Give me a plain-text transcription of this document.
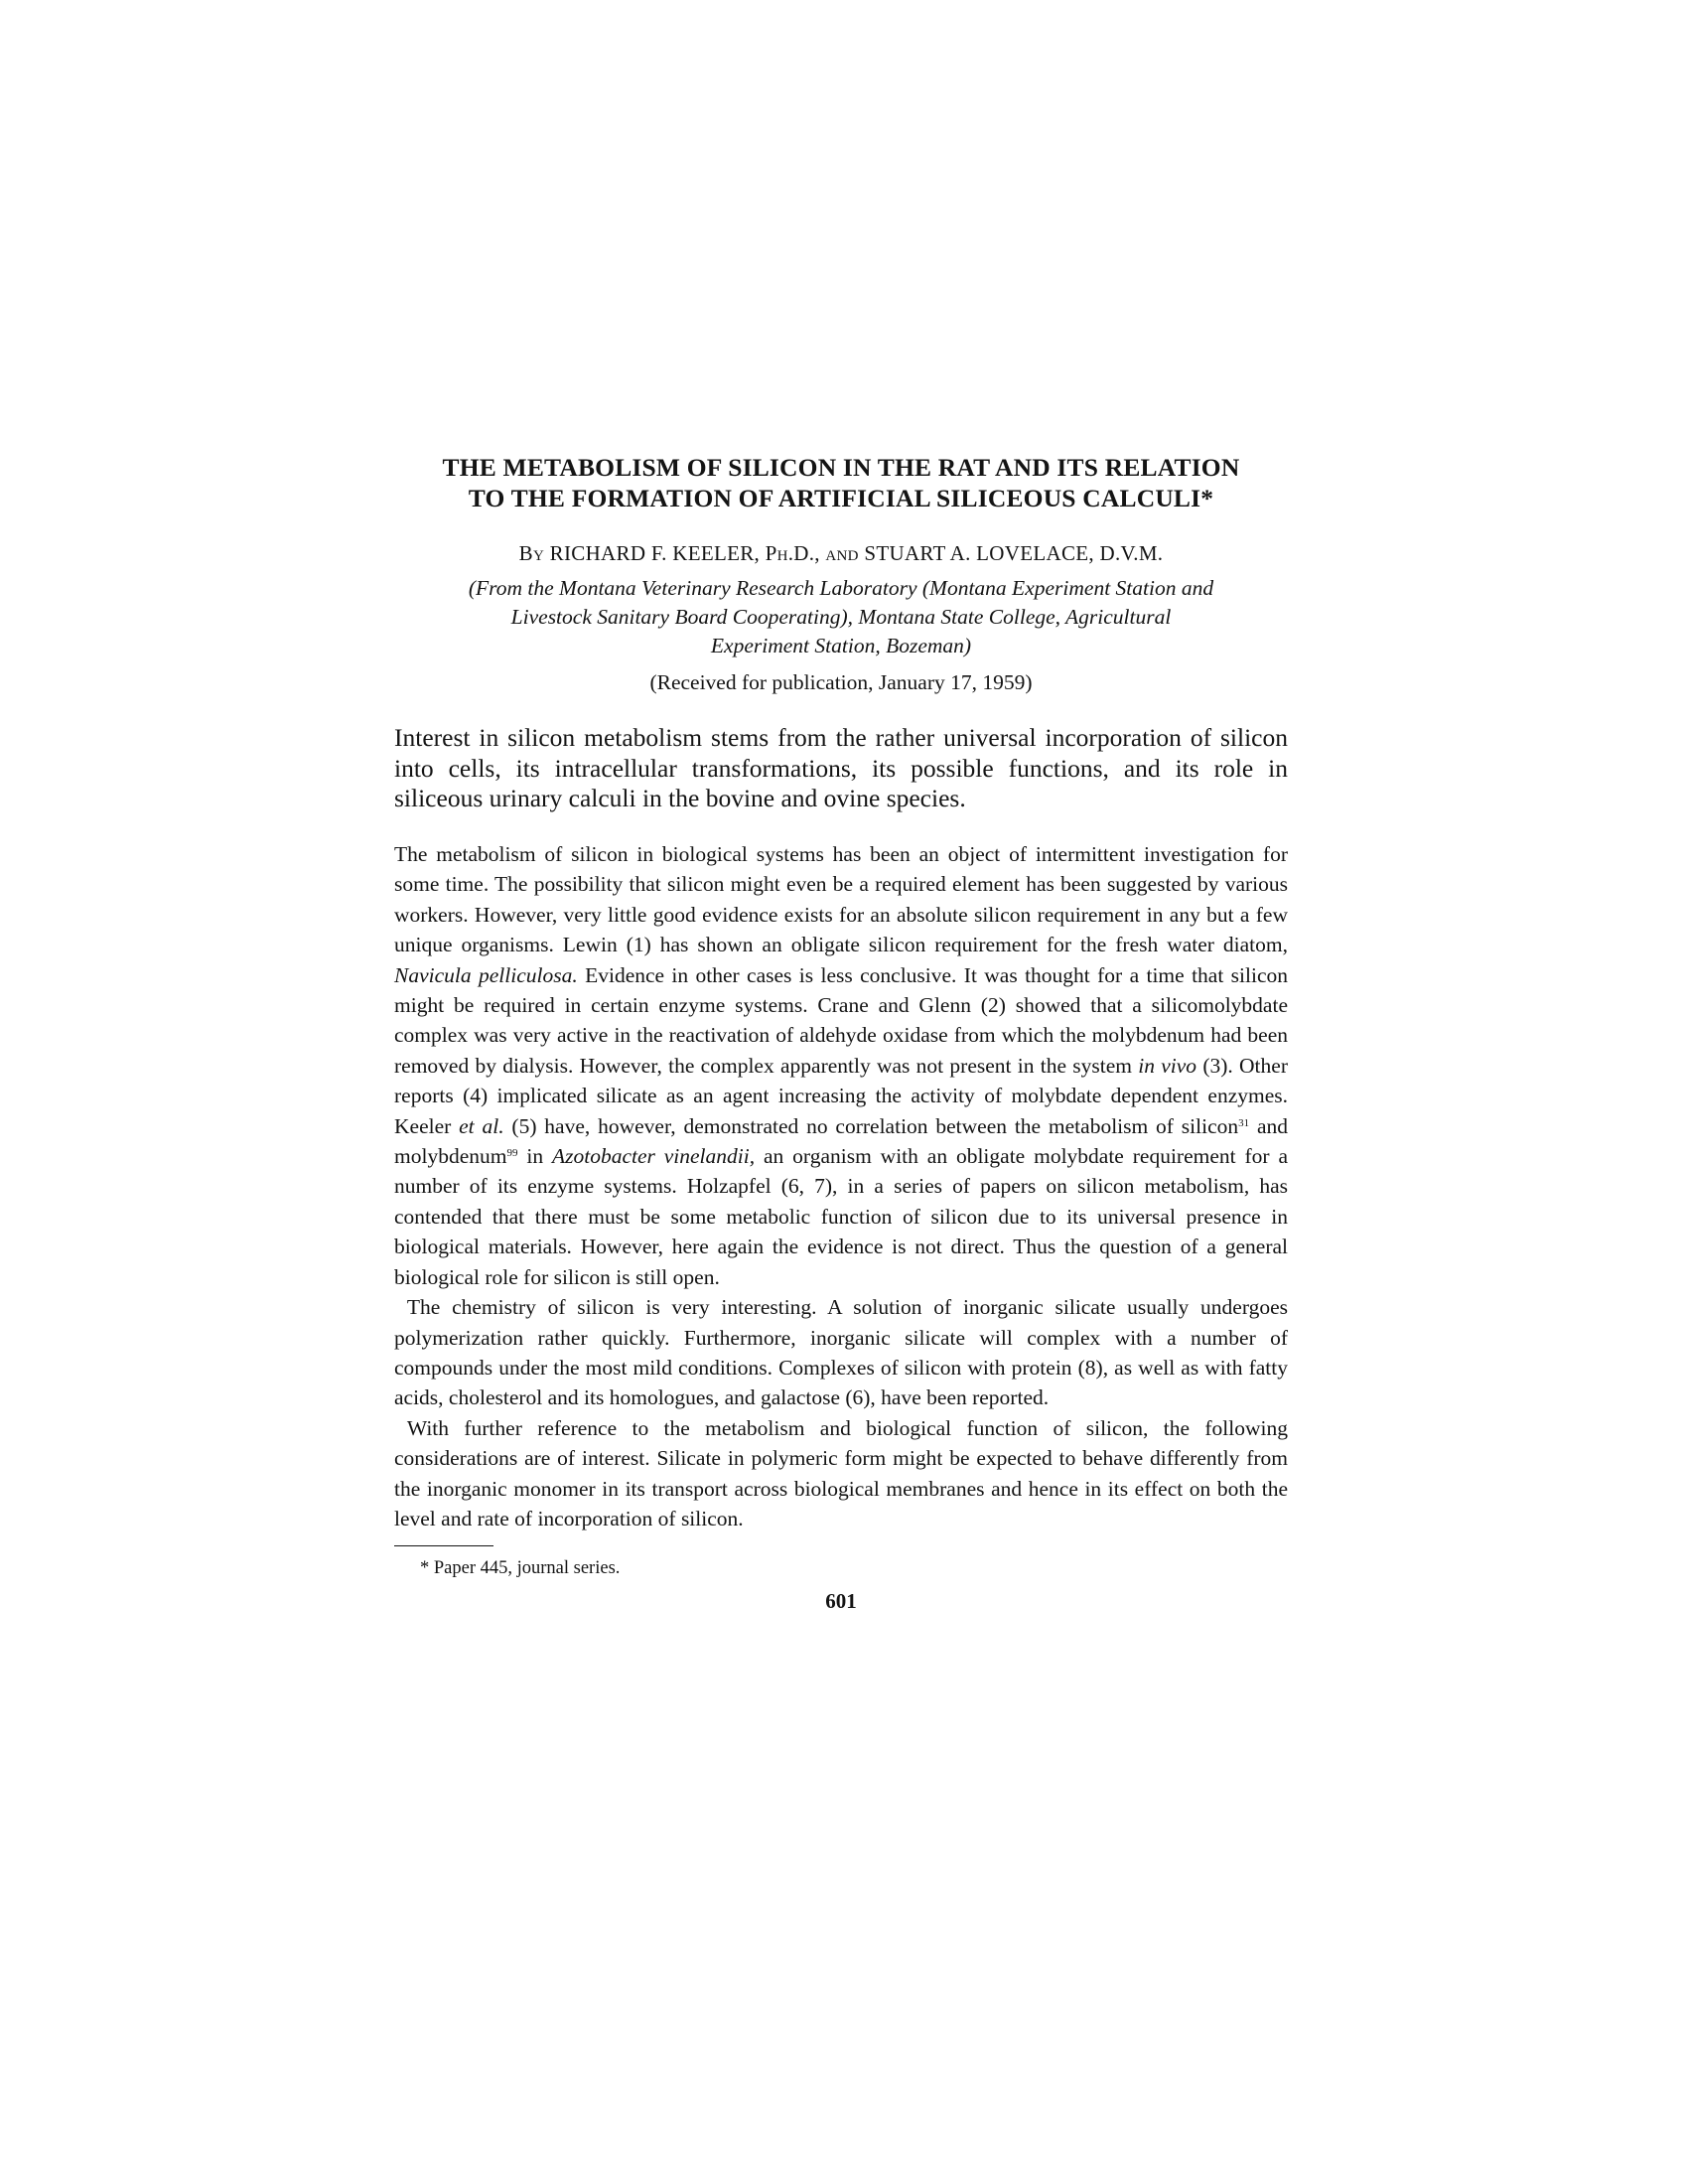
THE METABOLISM OF SILICON IN THE RAT AND ITS RELATION
TO THE FORMATION OF ARTIFICIAL SILICEOUS CALCULI*
By RICHARD F. KEELER, Ph.D., and STUART A. LOVELACE, D.V.M.
(From the Montana Veterinary Research Laboratory (Montana Experiment Station and
Livestock Sanitary Board Cooperating), Montana State College, Agricultural
Experiment Station, Bozeman)
(Received for publication, January 17, 1959)

Interest in silicon metabolism stems from the rather universal incorporation of silicon into cells, its intracellular transformations, its possible functions, and its role in siliceous urinary calculi in the bovine and ovine species.

The metabolism of silicon in biological systems has been an object of intermittent investigation for some time. The possibility that silicon might even be a required element has been suggested by various workers. However, very little good evidence exists for an absolute silicon requirement in any but a few unique organisms. Lewin (1) has shown an obligate silicon requirement for the fresh water diatom, Navicula pelliculosa. Evidence in other cases is less conclusive. It was thought for a time that silicon might be required in certain enzyme systems. Crane and Glenn (2) showed that a silicomolybdate complex was very active in the reactivation of aldehyde oxidase from which the molybdenum had been removed by dialysis. However, the complex apparently was not present in the system in vivo (3). Other reports (4) implicated silicate as an agent increasing the activity of molybdate dependent enzymes. Keeler et al. (5) have, however, demonstrated no correlation between the metabolism of silicon$^{31}$ and molybdenum$^{99}$ in Azotobacter vinelandii, an organism with an obligate molybdate requirement for a number of its enzyme systems. Holzapfel (6, 7), in a series of papers on silicon metabolism, has contended that there must be some metabolic function of silicon due to its universal presence in biological materials. However, here again the evidence is not direct. Thus the question of a general biological role for silicon is still open.

The chemistry of silicon is very interesting. A solution of inorganic silicate usually undergoes polymerization rather quickly. Furthermore, inorganic silicate will complex with a number of compounds under the most mild conditions. Complexes of silicon with protein (8), as well as with fatty acids, cholesterol and its homologues, and galactose (6), have been reported.

With further reference to the metabolism and biological function of silicon, the following considerations are of interest. Silicate in polymeric form might be expected to behave differently from the inorganic monomer in its transport across biological membranes and hence in its effect on both the level and rate of incorporation of silicon.

* Paper 445, journal series.
601
